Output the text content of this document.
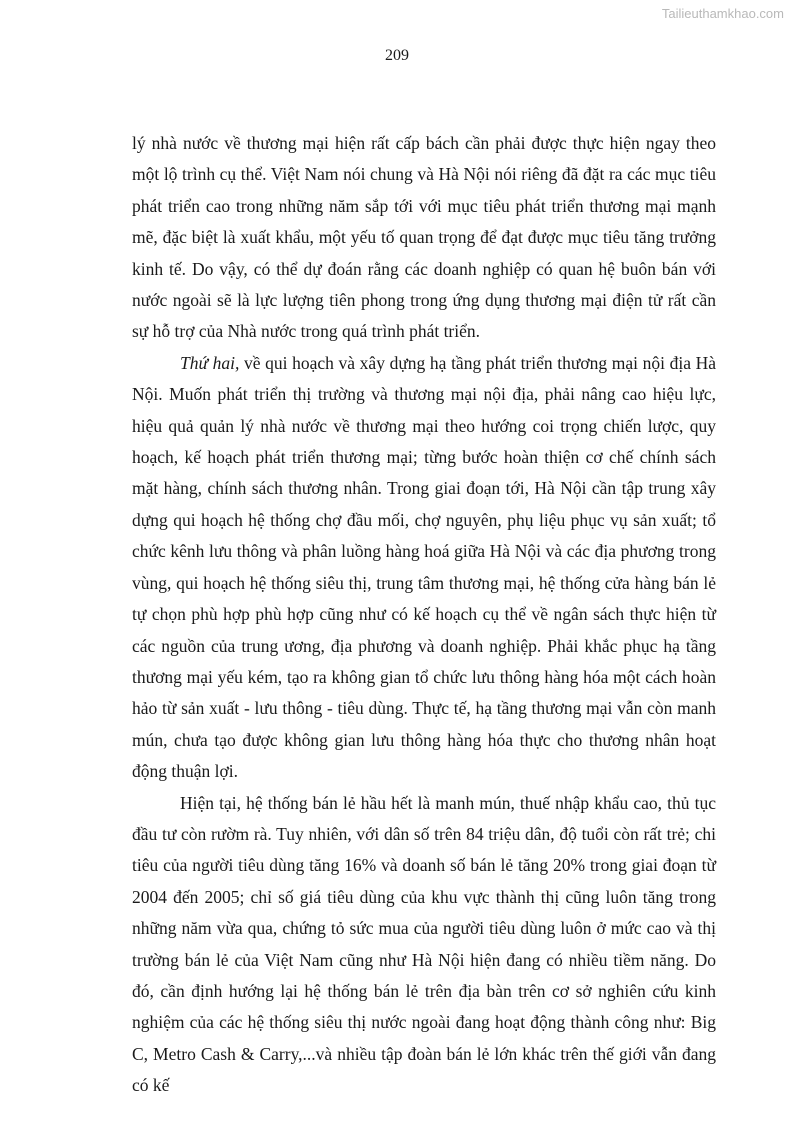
Tailieuthamkhao.com
209

lý nhà nước về thương mại hiện rất cấp bách cần phải được thực hiện ngay theo một lộ trình cụ thể. Việt Nam nói chung và Hà Nội nói riêng đã đặt ra các mục tiêu phát triển cao trong những năm sắp tới với mục tiêu phát triển thương mại mạnh mẽ, đặc biệt là xuất khẩu, một yếu tố quan trọng để đạt được mục tiêu tăng trưởng kinh tế. Do vậy, có thể dự đoán rằng các doanh nghiệp có quan hệ buôn bán với nước ngoài sẽ là lực lượng tiên phong trong ứng dụng thương mại điện tử rất cần sự hỗ trợ của Nhà nước trong quá trình phát triển.

Thứ hai, về qui hoạch và xây dựng hạ tầng phát triển thương mại nội địa Hà Nội. Muốn phát triển thị trường và thương mại nội địa, phải nâng cao hiệu lực, hiệu quả quản lý nhà nước về thương mại theo hướng coi trọng chiến lược, quy hoạch, kế hoạch phát triển thương mại; từng bước hoàn thiện cơ chế chính sách mặt hàng, chính sách thương nhân. Trong giai đoạn tới, Hà Nội cần tập trung xây dựng qui hoạch hệ thống chợ đầu mối, chợ nguyên, phụ liệu phục vụ sản xuất; tổ chức kênh lưu thông và phân luồng hàng hoá giữa Hà Nội và các địa phương trong vùng, qui hoạch hệ thống siêu thị, trung tâm thương mại, hệ thống cửa hàng bán lẻ tự chọn phù hợp phù hợp cũng như có kế hoạch cụ thể về ngân sách thực hiện từ các nguồn của trung ương, địa phương và doanh nghiệp. Phải khắc phục hạ tầng thương mại yếu kém, tạo ra không gian tổ chức lưu thông hàng hóa một cách hoàn hảo từ sản xuất - lưu thông - tiêu dùng. Thực tế, hạ tầng thương mại vẫn còn manh mún, chưa tạo được không gian lưu thông hàng hóa thực cho thương nhân hoạt động thuận lợi.

Hiện tại, hệ thống bán lẻ hầu hết là manh mún, thuế nhập khẩu cao, thủ tục đầu tư còn rườm rà. Tuy nhiên, với dân số trên 84 triệu dân, độ tuổi còn rất trẻ; chi tiêu của người tiêu dùng tăng 16% và doanh số bán lẻ tăng 20% trong giai đoạn từ 2004 đến 2005; chỉ số giá tiêu dùng của khu vực thành thị cũng luôn tăng trong những năm vừa qua, chứng tỏ sức mua của người tiêu dùng luôn ở mức cao và thị trường bán lẻ của Việt Nam cũng như Hà Nội hiện đang có nhiều tiềm năng. Do đó, cần định hướng lại hệ thống bán lẻ trên địa bàn trên cơ sở nghiên cứu kinh nghiệm của các hệ thống siêu thị nước ngoài đang hoạt động thành công như: Big C, Metro Cash & Carry,...và nhiều tập đoàn bán lẻ lớn khác trên thế giới vẫn đang có kế
